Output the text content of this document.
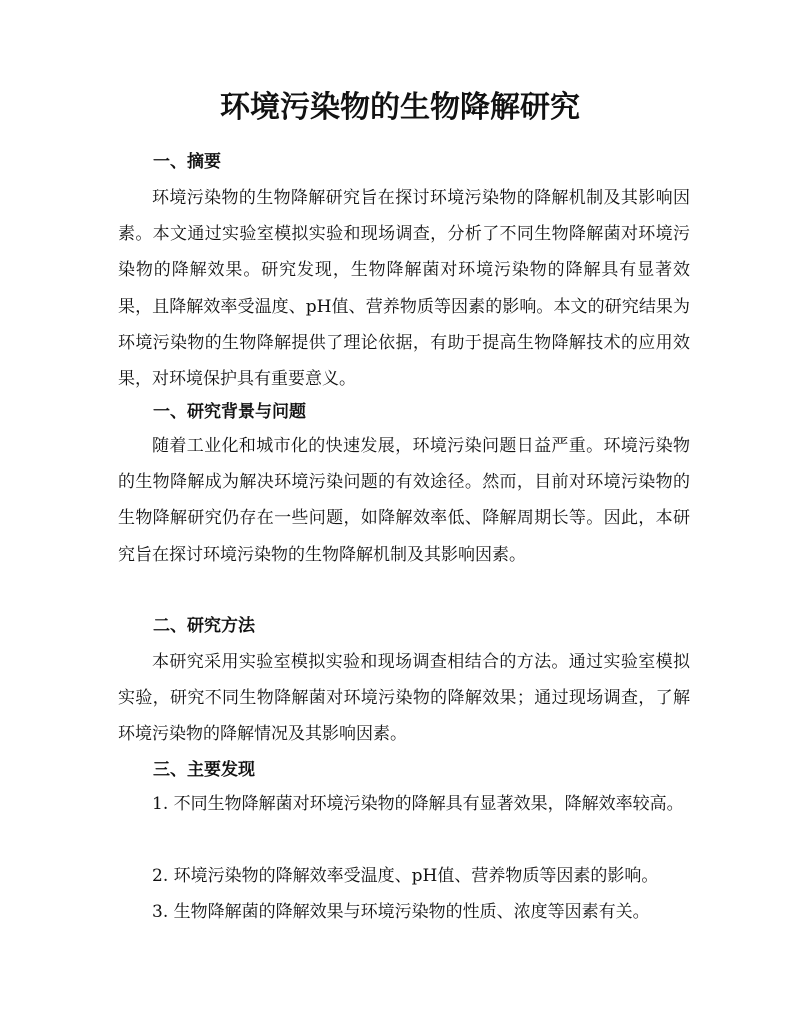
环境污染物的生物降解研究
一、摘要

环境污染物的生物降解研究旨在探讨环境污染物的降解机制及其影响因素。本文通过实验室模拟实验和现场调查，分析了不同生物降解菌对环境污染物的降解效果。研究发现，生物降解菌对环境污染物的降解具有显著效果，且降解效率受温度、pH值、营养物质等因素的影响。本文的研究结果为环境污染物的生物降解提供了理论依据，有助于提高生物降解技术的应用效果，对环境保护具有重要意义。

一、研究背景与问题

随着工业化和城市化的快速发展，环境污染问题日益严重。环境污染物的生物降解成为解决环境污染问题的有效途径。然而，目前对环境污染物的生物降解研究仍存在一些问题，如降解效率低、降解周期长等。因此，本研究旨在探讨环境污染物的生物降解机制及其影响因素。

二、研究方法

本研究采用实验室模拟实验和现场调查相结合的方法。通过实验室模拟实验，研究不同生物降解菌对环境污染物的降解效果；通过现场调查，了解环境污染物的降解情况及其影响因素。

三、主要发现

1. 不同生物降解菌对环境污染物的降解具有显著效果，降解效率较高。

2. 环境污染物的降解效率受温度、pH值、营养物质等因素的影响。

3. 生物降解菌的降解效果与环境污染物的性质、浓度等因素有关。
